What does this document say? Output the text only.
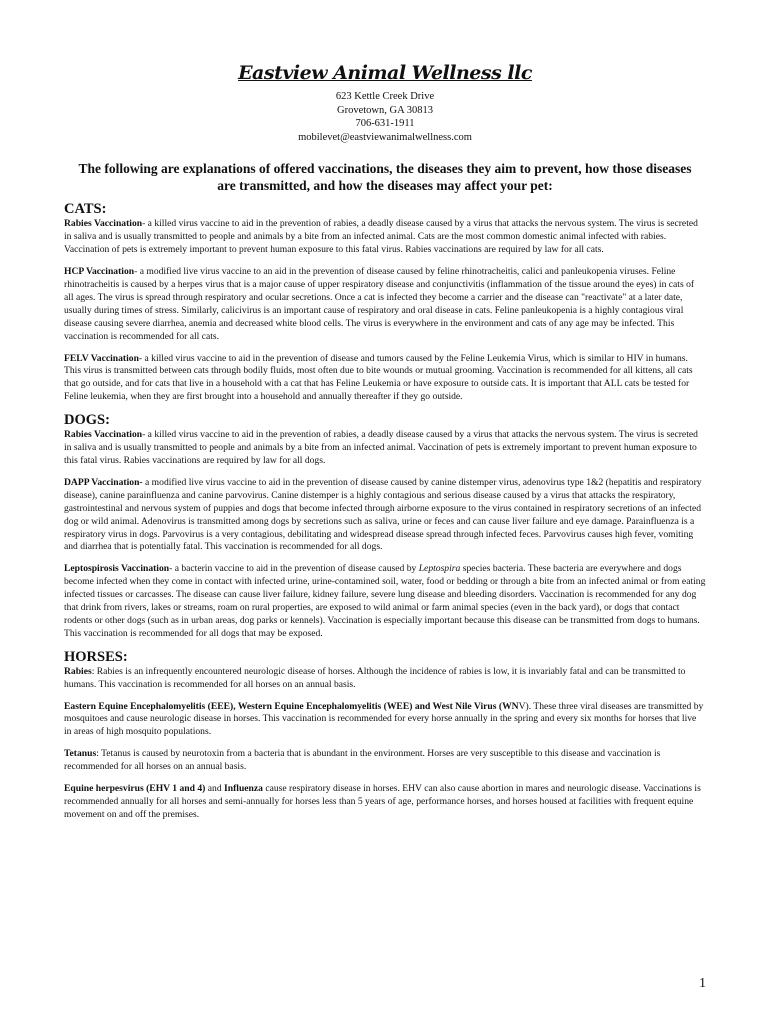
Eastview Animal Wellness llc
623 Kettle Creek Drive
Grovetown, GA 30813
706-631-1911
mobilevet@eastviewanimalwellness.com
The following are explanations of offered vaccinations, the diseases they aim to prevent, how those diseases are transmitted, and how the diseases may affect your pet:
CATS:

Rabies Vaccination- a killed virus vaccine to aid in the prevention of rabies, a deadly disease caused by a virus that attacks the nervous system. The virus is secreted in saliva and is usually transmitted to people and animals by a bite from an infected animal. Cats are the most common domestic animal infected with rabies. Vaccination of pets is extremely important to prevent human exposure to this fatal virus. Rabies vaccinations are required by law for all cats.

HCP Vaccination- a modified live virus vaccine to an aid in the prevention of disease caused by feline rhinotracheitis, calici and panleukopenia viruses. Feline rhinotracheitis is caused by a herpes virus that is a major cause of upper respiratory disease and conjunctivitis (inflammation of the tissue around the eyes) in cats of all ages. The virus is spread through respiratory and ocular secretions. Once a cat is infected they become a carrier and the disease can "reactivate" at a later date, usually during times of stress. Similarly, calicivirus is an important cause of respiratory and oral disease in cats. Feline panleukopenia is a highly contagious viral disease causing severe diarrhea, anemia and decreased white blood cells. The virus is everywhere in the environment and cats of any age may be infected. This vaccination is recommended for all cats.

FELV Vaccination- a killed virus vaccine to aid in the prevention of disease and tumors caused by the Feline Leukemia Virus, which is similar to HIV in humans. This virus is transmitted between cats through bodily fluids, most often due to bite wounds or mutual grooming. Vaccination is recommended for all kittens, all cats that go outside, and for cats that live in a household with a cat that has Feline Leukemia or have exposure to outside cats. It is important that ALL cats be tested for Feline leukemia, when they are first brought into a household and annually thereafter if they go outside.

DOGS:

Rabies Vaccination- a killed virus vaccine to aid in the prevention of rabies, a deadly disease caused by a virus that attacks the nervous system. The virus is secreted in saliva and is usually transmitted to people and animals by a bite from an infected animal. Vaccination of pets is extremely important to prevent human exposure to this fatal virus. Rabies vaccinations are required by law for all dogs.

DAPP Vaccination- a modified live virus vaccine to aid in the prevention of disease caused by canine distemper virus, adenovirus type 1&2 (hepatitis and respiratory disease), canine parainfluenza and canine parvovirus. Canine distemper is a highly contagious and serious disease caused by a virus that attacks the respiratory, gastrointestinal and nervous system of puppies and dogs that become infected through airborne exposure to the virus contained in respiratory secretions of an infected dog or wild animal. Adenovirus is transmitted among dogs by secretions such as saliva, urine or feces and can cause liver failure and eye damage. Parainfluenza is a respiratory virus in dogs. Parvovirus is a very contagious, debilitating and widespread disease spread through infected feces. Parvovirus causes high fever, vomiting and diarrhea that is potentially fatal. This vaccination is recommended for all dogs.

Leptospirosis Vaccination- a bacterin vaccine to aid in the prevention of disease caused by Leptospira species bacteria. These bacteria are everywhere and dogs become infected when they come in contact with infected urine, urine-contamined soil, water, food or bedding or through a bite from an infected animal or from eating infected tissues or carcasses. The disease can cause liver failure, kidney failure, severe lung disease and bleeding disorders. Vaccination is recommended for any dog that drink from rivers, lakes or streams, roam on rural properties, are exposed to wild animal or farm animal species (even in the back yard), or dogs that contact rodents or other dogs (such as in urban areas, dog parks or kennels). Vaccination is especially important because this disease can be transmitted from dogs to humans. This vaccination is recommended for all dogs that may be exposed.

HORSES:

Rabies: Rabies is an infrequently encountered neurologic disease of horses. Although the incidence of rabies is low, it is invariably fatal and can be transmitted to humans. This vaccination is recommended for all horses on an annual basis.

Eastern Equine Encephalomyelitis (EEE), Western Equine Encephalomyelitis (WEE) and West Nile Virus (WNV). These three viral diseases are transmitted by mosquitoes and cause neurologic disease in horses. This vaccination is recommended for every horse annually in the spring and every six months for horses that live in areas of high mosquito populations.

Tetanus: Tetanus is caused by neurotoxin from a bacteria that is abundant in the environment. Horses are very susceptible to this disease and vaccination is recommended for all horses on an annual basis.

Equine herpesvirus (EHV 1 and 4) and Influenza cause respiratory disease in horses. EHV can also cause abortion in mares and neurologic disease. Vaccinations is recommended annually for all horses and semi-annually for horses less than 5 years of age, performance horses, and horses housed at facilities with frequent equine movement on and off the premises.

1
